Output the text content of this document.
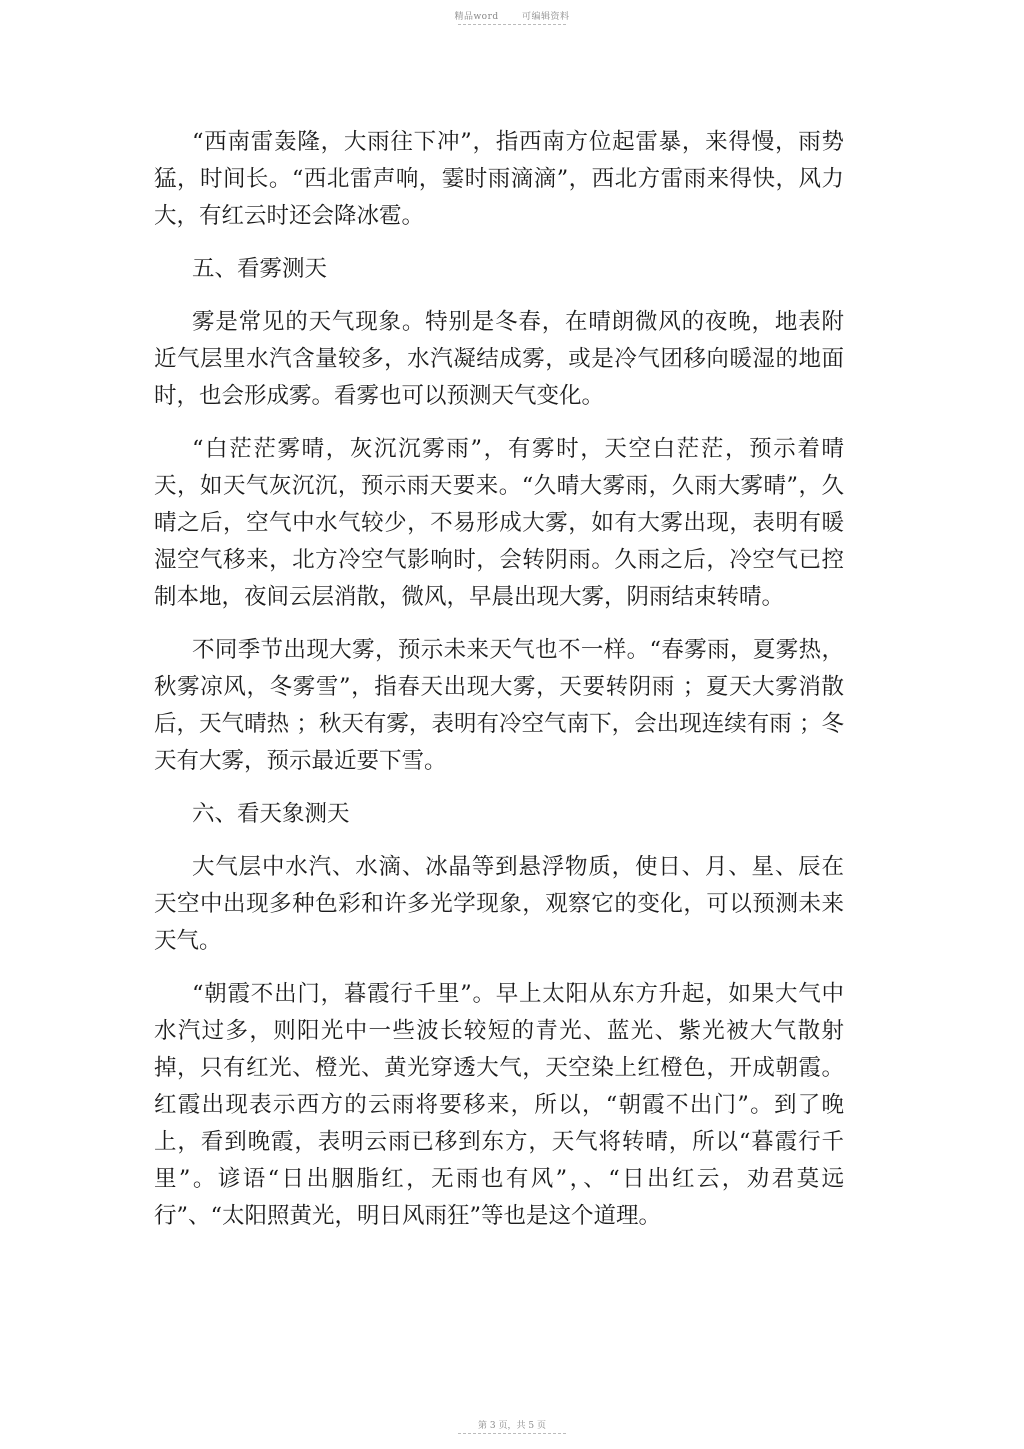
精品word	可编辑资料

“西南雷轰隆，大雨往下冲”，指西南方位起雷暴，来得慢，雨势猛，时间长。“西北雷声响，霎时雨滴滴”，西北方雷雨来得快，风力大，有红云时还会降冰雹。

五、看雾测天

雾是常见的天气现象。特别是冬春，在晴朗微风的夜晚，地表附近气层里水汽含量较多，水汽凝结成雾，或是冷气团移向暖湿的地面时，也会形成雾。看雾也可以预测天气变化。

“白茫茫雾晴，灰沉沉雾雨”，有雾时，天空白茫茫，预示着晴天，如天气灰沉沉，预示雨天要来。“久晴大雾雨，久雨大雾晴”，久晴之后，空气中水气较少，不易形成大雾，如有大雾出现，表明有暖湿空气移来，北方冷空气影响时，会转阴雨。久雨之后，冷空气已控制本地，夜间云层消散，微风，早晨出现大雾，阴雨结束转晴。

不同季节出现大雾，预示未来天气也不一样。“春雾雨，夏雾热，秋雾凉风，冬雾雪”，指春天出现大雾，天要转阴雨 ；夏天大雾消散后，天气晴热 ；秋天有雾，表明有冷空气南下，会出现连续有雨 ；冬天有大雾，预示最近要下雪。

六、看天象测天

大气层中水汽、水滴、冰晶等到悬浮物质，使日、月、星、辰在天空中出现多种色彩和许多光学现象，观察它的变化，可以预测未来天气。

“朝霞不出门，暮霞行千里”。早上太阳从东方升起，如果大气中水汽过多，则阳光中一些波长较短的青光、蓝光、紫光被大气散射掉，只有红光、橙光、黄光穿透大气，天空染上红橙色，开成朝霞。红霞出现表示西方的云雨将要移来，所以，“朝霞不出门”。到了晚上，看到晚霞，表明云雨已移到东方，天气将转晴，所以“暮霞行千里”。谚语“日出胭脂红，无雨也有风”，、“日出红云，劝君莫远行”、“太阳照黄光，明日风雨狂”等也是这个道理。

第 3 页，共 5 页
